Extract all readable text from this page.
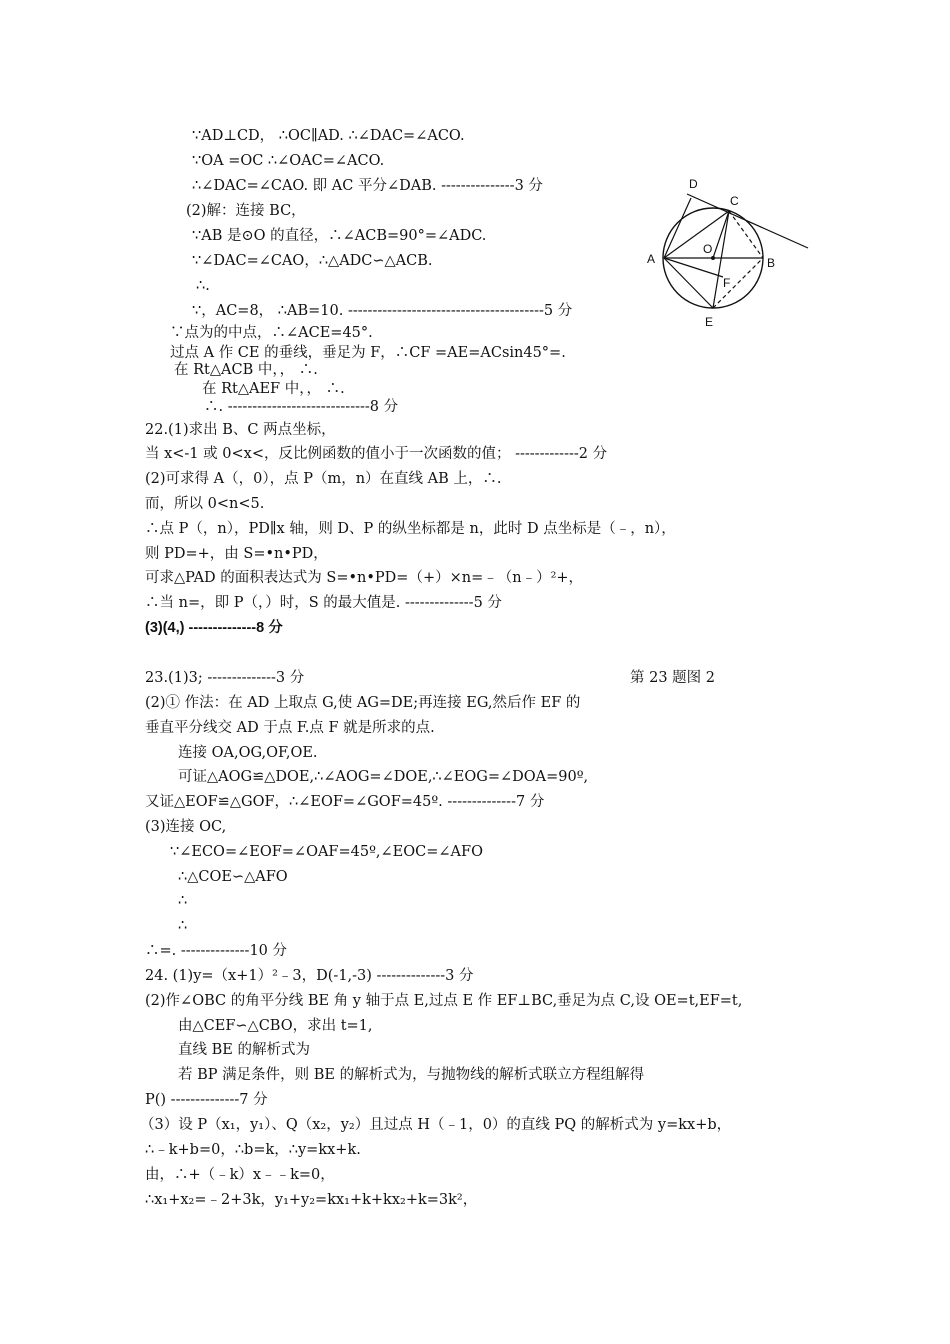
∵AD⊥CD， ∴OC∥AD. ∴∠DAC=∠ACO.
∵OA =OC ∴∠OAC=∠ACO.
∴∠DAC=∠CAO. 即 AC 平分∠DAB. ---------------3 分
(2)解：连接 BC，
∵AB 是⊙O 的直径，∴∠ACB=90°=∠ADC.
∵∠DAC=∠CAO，∴△ADC∽△ACB.
∴.
∵，AC=8， ∴AB=10. ----------------------------------------5 分
∵点为的中点，∴∠ACE=45°.
过点 A 作 CE 的垂线，垂足为 F，∴CF =AE=ACsin45°=.
在 Rt△ACB 中，， ∴.
在 Rt△AEF 中，， ∴.
∴. -----------------------------8 分
22.(1)求出 B、C 两点坐标，
当 x<-1 或 0<x<，反比例函数的值小于一次函数的值； -------------2 分
(2)可求得 A（，0），点 P（m，n）在直线 AB 上，∴.
而，所以 0<n<5.
∴点 P（，n），PD∥x 轴，则 D、P 的纵坐标都是 n，此时 D 点坐标是（﹣，n），
则 PD=+，由 S=•n•PD，
可求△PAD 的面积表达式为 S=•n•PD=（+）×n=﹣（n﹣）²+，
∴当 n=，即 P（，）时，S 的最大值是. --------------5 分
(3)(4,) --------------8 分
23.(1)3; --------------3 分	第 23 题图 2
(2)① 作法：在 AD 上取点 G,使 AG=DE;再连接 EG,然后作 EF 的
垂直平分线交 AD 于点 F.点 F 就是所求的点.
连接 OA,OG,OF,OE.
可证△AOG≌△DOE,∴∠AOG=∠DOE,∴∠EOG=∠DOA=90º,
又证△EOF≌△GOF，∴∠EOF=∠GOF=45º. --------------7 分
(3)连接 OC,
∵∠ECO=∠EOF=∠OAF=45º,∠EOC=∠AFO
∴△COE∽△AFO
∴
∴
∴=. --------------10 分
24. (1)y=（x+1）²﹣3，D(-1,-3) --------------3 分
(2)作∠OBC 的角平分线 BE 角 y 轴于点 E,过点 E 作 EF⊥BC,垂足为点 C,设 OE=t,EF=t,
由△CEF∽△CBO，求出 t=1,
直线 BE 的解析式为
若 BP 满足条件，则 BE 的解析式为，与抛物线的解析式联立方程组解得
P() --------------7 分
（3）设 P（x₁，y₁）、Q（x₂，y₂）且过点 H（﹣1，0）的直线 PQ 的解析式为 y=kx+b，
∴﹣k+b=0，∴b=k，∴y=kx+k.
由，∴+（﹣k）x﹣﹣k=0，
∴x₁+x₂=﹣2+3k，y₁+y₂=kx₁+k+kx₂+k=3k²，
D
C
O
A	B
F
E
